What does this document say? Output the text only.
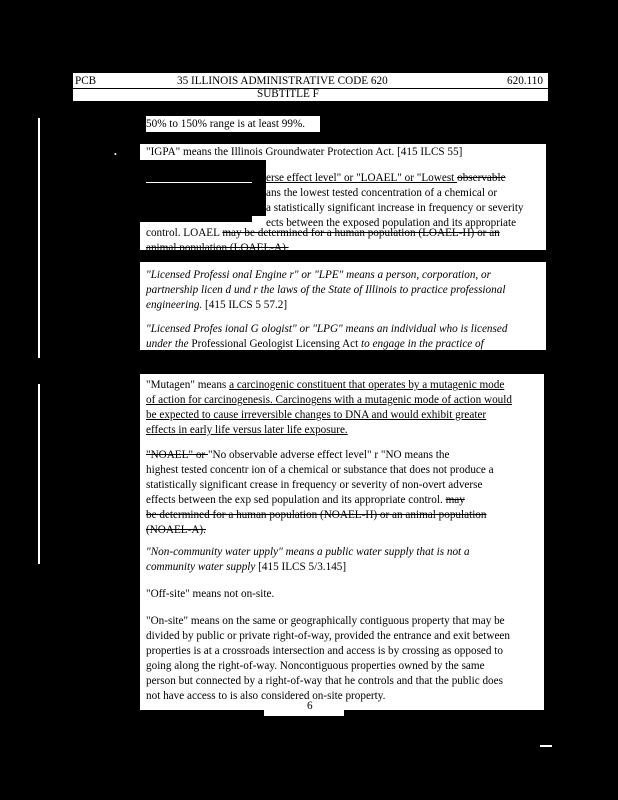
PCB	35 ILLINOIS ADMINISTRATIVE CODE 620	620.110
SUBTITLE F
50% to 150% range is at least 99%.
•	"IGPA" means the Illinois Groundwater Protection Act. [415 ILCS 55]
erse effect level" or "LOAEL" or "Lowest observable
ans the lowest tested concentration of a chemical or
a statistically significant increase in frequency or severity
ects between the exposed population and its appropriate
control. LOAEL may be determined for a human population (LOAEL-H) or an
animal population (LOAEL-A).

"Licensed Professi onal Engine r" or "LPE" means a person, corporation, or

partnership licen d und r the laws of the State of Illinois to practice professional

engineering. [415 ILCS 5 57.2]

"Licensed Profes ional G ologist" or "LPG" means an individual who is licensed

under the Professional Geologist Licensing Act to engage in the practice of

professional geology in Illinois. [225 ILCS 745/15]

"Mutagen" means a carcinogenic constituent that operates by a mutagenic mode

of action for carcinogenesis. Carcinogens with a mutagenic mode of action would

be expected to cause irreversible changes to DNA and would exhibit greater

effects in early life versus later life exposure.

"NOAEL" or "No observable adverse effect level" r "NO means the

highest tested concentr ion of a chemical or substance that does not produce a

statistically significant crease in frequency or severity of non-overt adverse

effects between the exp sed population and its appropriate control. may

be determined for a human population (NOAEL-H) or an animal population

(NOAEL-A).

"Non-community water upply" means a public water supply that is not a

community water supply [415 ILCS 5/3.145]

"Off-site" means not on-site.

"On-site" means on the same or geographically contiguous property that may be

divided by public or private right-of-way, provided the entrance and exit between

properties is at a crossroads intersection and access is by crossing as opposed to

going along the right-of-way. Noncontiguous properties owned by the same

person but connected by a right-of-way that he controls and that the public does

not have access to is also considered on-site property.

6
